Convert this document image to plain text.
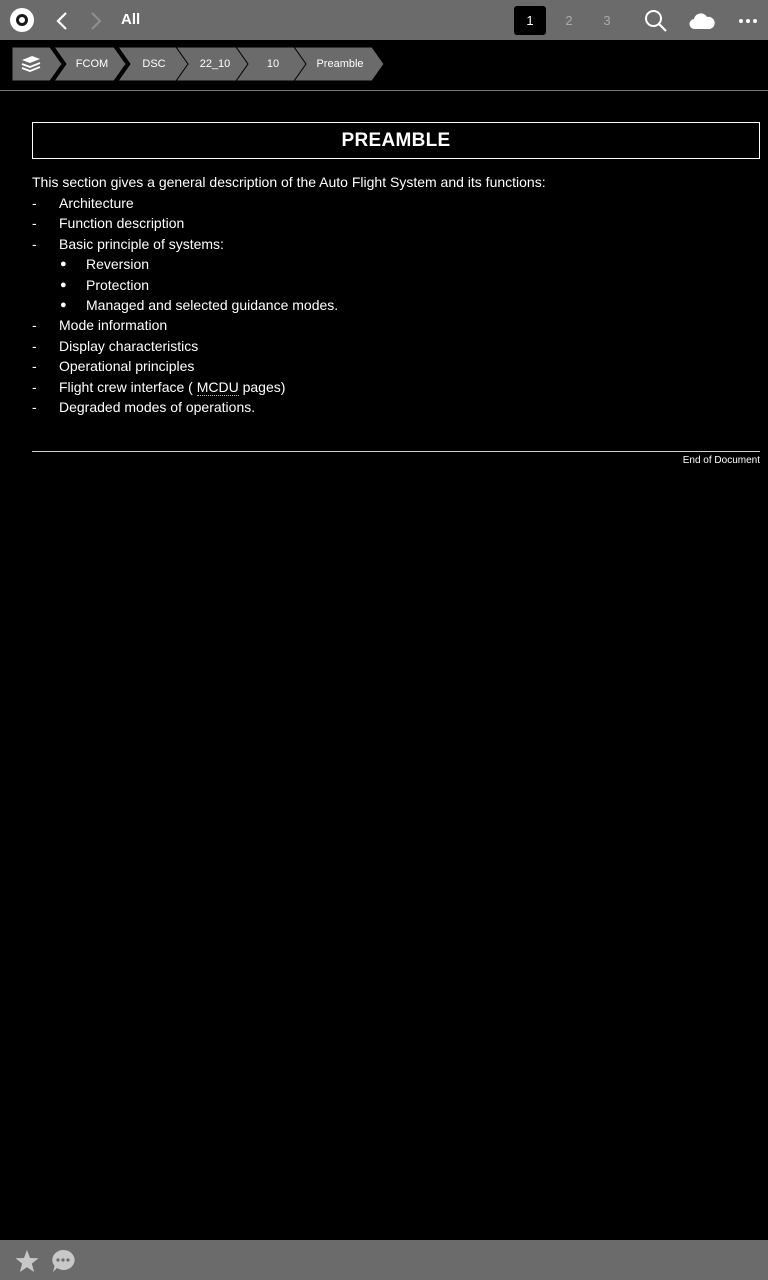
All	1	2	3
FCOM	DSC	22_10	10	Preamble
PREAMBLE
This section gives a general description of the Auto Flight System and its functions:
- Architecture
- Function description
- Basic principle of systems:
● Reversion
● Protection
● Managed and selected guidance modes.
- Mode information
- Display characteristics
- Operational principles
- Flight crew interface ( MCDU pages)
- Degraded modes of operations.
End of Document
